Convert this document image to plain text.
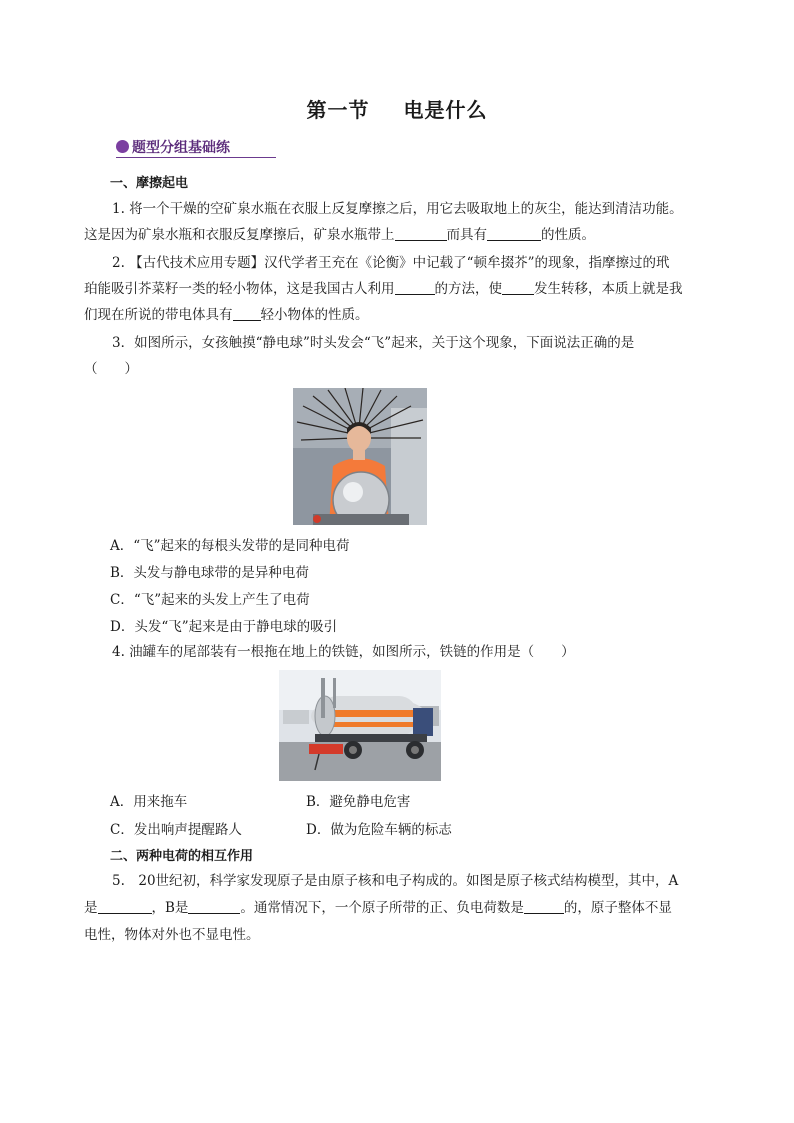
第一节 电是什么
题型分组基础练
一、摩擦起电
1. 将一个干燥的空矿泉水瓶在衣服上反复摩擦之后，用它去吸取地上的灰尘，能达到清洁功能。
这是因为矿泉水瓶和衣服反复摩擦后，矿泉水瓶带上	而具有	的性质。
2. 【古代技术应用专题】汉代学者王充在《论衡》中记载了“顿牟掇芥”的现象，指摩擦过的玳
珀能吸引芥菜籽一类的轻小物体，这是我国古人利用	的方法，使 发生转移，本质上就是我
们现在所说的带电体具有 轻小物体的性质。
3．如图所示，女孩触摸“静电球”时头发会“飞”起来，关于这个现象，下面说法正确的是
（　　）
A．“飞”起来的每根头发带的是同种电荷
B．头发与静电球带的是异种电荷
C．“飞”起来的头发上产生了电荷
D．头发“飞”起来是由于静电球的吸引
4. 油罐车的尾部装有一根拖在地上的铁链，如图所示，铁链的作用是（　　）
A．用来拖车	B．避免静电危害
C．发出响声提醒路人	D．做为危险车辆的标志
二、两种电荷的相互作用
5.　20世纪初，科学家发现原子是由原子核和电子构成的。如图是原子核式结构模型，其中，A
是	，B是	。通常情况下，一个原子所带的正、负电荷数是	的，原子整体不显
电性，物体对外也不显电性。
